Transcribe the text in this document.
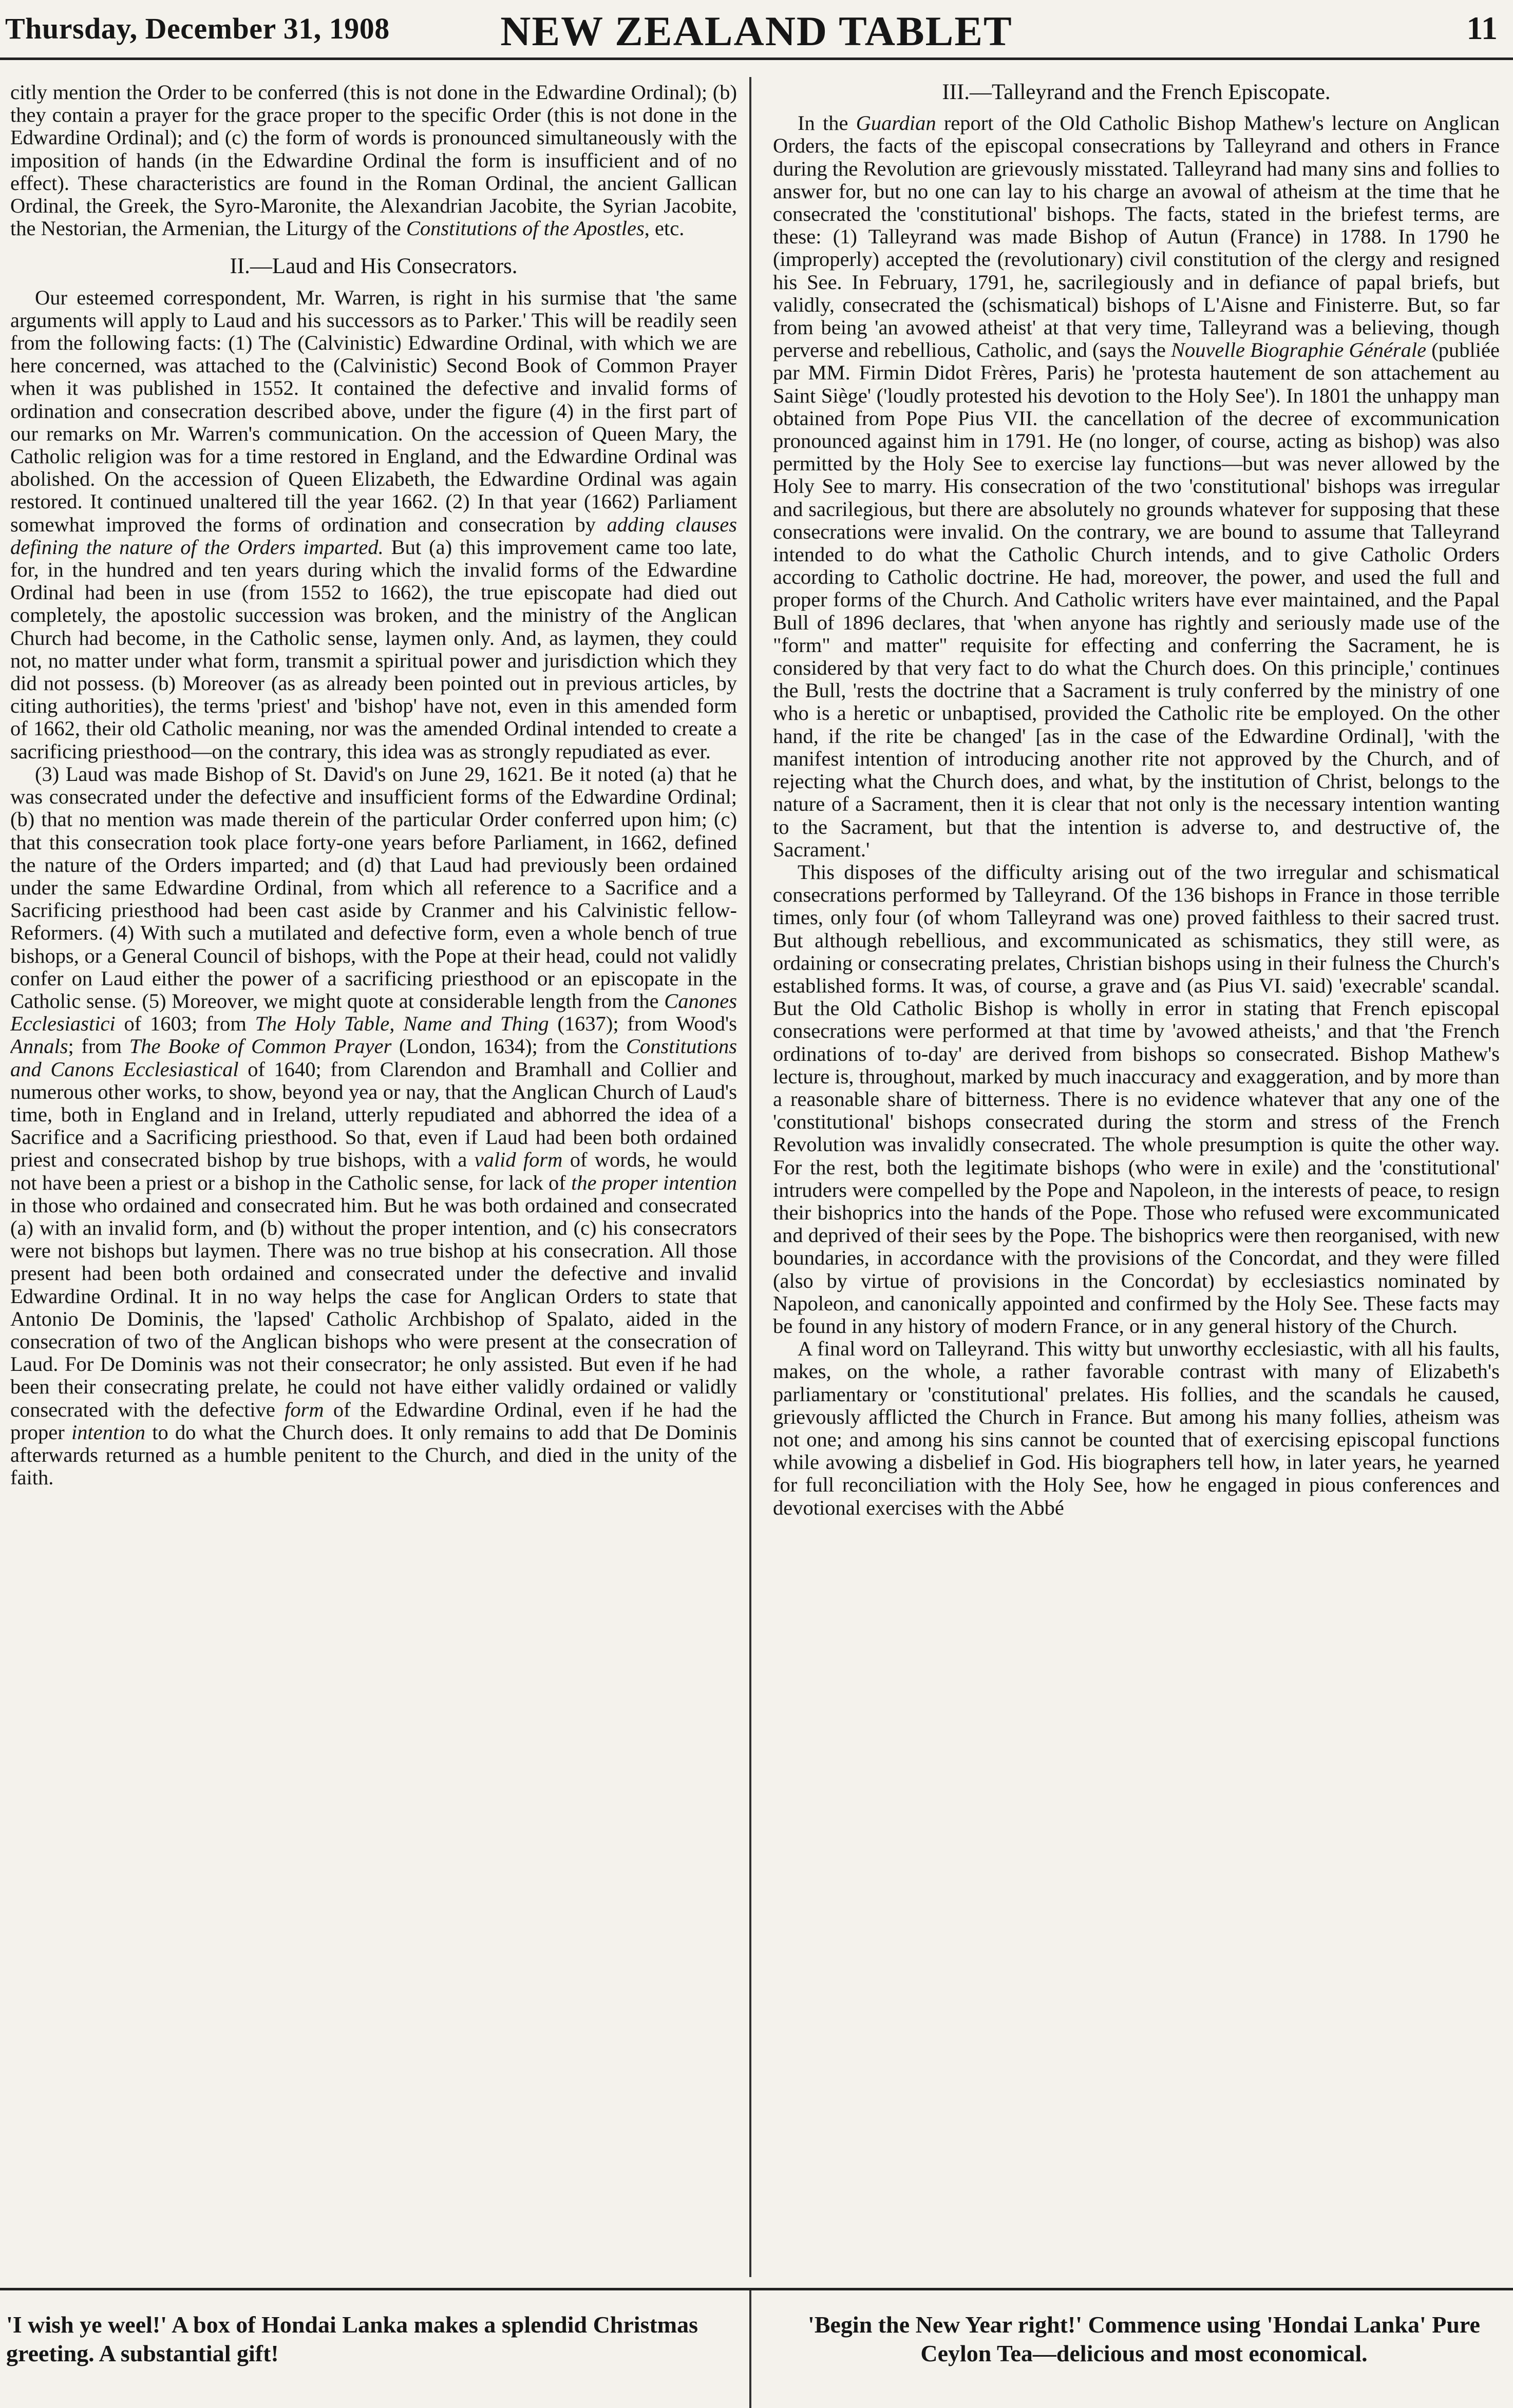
Thursday, December 31, 1908	NEW ZEALAND TABLET	11

citly mention the Order to be conferred (this is not done in the Edwardine Ordinal); (b) they contain a prayer for the grace proper to the specific Order (this is not done in the Edwardine Ordinal); and (c) the form of words is pronounced simultaneously with the imposition of hands (in the Edwardine Ordinal the form is insufficient and of no effect). These characteristics are found in the Roman Ordinal, the ancient Gallican Ordinal, the Greek, the Syro-Maronite, the Alexandrian Jacobite, the Syrian Jacobite, the Nestorian, the Armenian, the Liturgy of the Constitutions of the Apostles, etc.

II.—Laud and His Consecrators.

Our esteemed correspondent, Mr. Warren, is right in his surmise that 'the same arguments will apply to Laud and his successors as to Parker.' This will be readily seen from the following facts: (1) The (Calvinistic) Edwardine Ordinal, with which we are here concerned, was attached to the (Calvinistic) Second Book of Common Prayer when it was published in 1552. It contained the defective and invalid forms of ordination and consecration described above, under the figure (4) in the first part of our remarks on Mr. Warren's communication. On the accession of Queen Mary, the Catholic religion was for a time restored in England, and the Edwardine Ordinal was abolished. On the accession of Queen Elizabeth, the Edwardine Ordinal was again restored. It continued unaltered till the year 1662. (2) In that year (1662) Parliament somewhat improved the forms of ordination and consecration by adding clauses defining the nature of the Orders imparted. But (a) this improvement came too late, for, in the hundred and ten years during which the invalid forms of the Edwardine Ordinal had been in use (from 1552 to 1662), the true episcopate had died out completely, the apostolic succession was broken, and the ministry of the Anglican Church had become, in the Catholic sense, laymen only. And, as laymen, they could not, no matter under what form, transmit a spiritual power and jurisdiction which they did not possess. (b) Moreover (as as already been pointed out in previous articles, by citing authorities), the terms 'priest' and 'bishop' have not, even in this amended form of 1662, their old Catholic meaning, nor was the amended Ordinal intended to create a sacrificing priesthood—on the contrary, this idea was as strongly repudiated as ever.

(3) Laud was made Bishop of St. David's on June 29, 1621. Be it noted (a) that he was consecrated under the defective and insufficient forms of the Edwardine Ordinal; (b) that no mention was made therein of the particular Order conferred upon him; (c) that this consecration took place forty-one years before Parliament, in 1662, defined the nature of the Orders imparted; and (d) that Laud had previously been ordained under the same Edwardine Ordinal, from which all reference to a Sacrifice and a Sacrificing priesthood had been cast aside by Cranmer and his Calvinistic fellow-Reformers. (4) With such a mutilated and defective form, even a whole bench of true bishops, or a General Council of bishops, with the Pope at their head, could not validly confer on Laud either the power of a sacrificing priesthood or an episcopate in the Catholic sense. (5) Moreover, we might quote at considerable length from the Canones Ecclesiastici of 1603; from The Holy Table, Name and Thing (1637); from Wood's Annals; from The Booke of Common Prayer (London, 1634); from the Constitutions and Canons Ecclesiastical of 1640; from Clarendon and Bramhall and Collier and numerous other works, to show, beyond yea or nay, that the Anglican Church of Laud's time, both in England and in Ireland, utterly repudiated and abhorred the idea of a Sacrifice and a Sacrificing priesthood. So that, even if Laud had been both ordained priest and consecrated bishop by true bishops, with a valid form of words, he would not have been a priest or a bishop in the Catholic sense, for lack of the proper intention in those who ordained and consecrated him. But he was both ordained and consecrated (a) with an invalid form, and (b) without the proper intention, and (c) his consecrators were not bishops but laymen. There was no true bishop at his consecration. All those present had been both ordained and consecrated under the defective and invalid Edwardine Ordinal. It in no way helps the case for Anglican Orders to state that Antonio De Dominis, the 'lapsed' Catholic Archbishop of Spalato, aided in the consecration of two of the Anglican bishops who were present at the consecration of Laud. For De Dominis was not their consecrator; he only assisted. But even if he had been their consecrating prelate, he could not have either validly ordained or validly consecrated with the defective form of the Edwardine Ordinal, even if he had the proper intention to do what the Church does. It only remains to add that De Dominis afterwards returned as a humble penitent to the Church, and died in the unity of the faith.

III.—Talleyrand and the French Episcopate.

In the Guardian report of the Old Catholic Bishop Mathew's lecture on Anglican Orders, the facts of the episcopal consecrations by Talleyrand and others in France during the Revolution are grievously misstated. Talleyrand had many sins and follies to answer for, but no one can lay to his charge an avowal of atheism at the time that he consecrated the 'constitutional' bishops. The facts, stated in the briefest terms, are these: (1) Talleyrand was made Bishop of Autun (France) in 1788. In 1790 he (improperly) accepted the (revolutionary) civil constitution of the clergy and resigned his See. In February, 1791, he, sacrilegiously and in defiance of papal briefs, but validly, consecrated the (schismatical) bishops of L'Aisne and Finisterre. But, so far from being 'an avowed atheist' at that very time, Talleyrand was a believing, though perverse and rebellious, Catholic, and (says the Nouvelle Biographie Générale (publiée par MM. Firmin Didot Frères, Paris) he 'protesta hautement de son attachement au Saint Siège' ('loudly protested his devotion to the Holy See'). In 1801 the unhappy man obtained from Pope Pius VII. the cancellation of the decree of excommunication pronounced against him in 1791. He (no longer, of course, acting as bishop) was also permitted by the Holy See to exercise lay functions—but was never allowed by the Holy See to marry. His consecration of the two 'constitutional' bishops was irregular and sacrilegious, but there are absolutely no grounds whatever for supposing that these consecrations were invalid. On the contrary, we are bound to assume that Talleyrand intended to do what the Catholic Church intends, and to give Catholic Orders according to Catholic doctrine. He had, moreover, the power, and used the full and proper forms of the Church. And Catholic writers have ever maintained, and the Papal Bull of 1896 declares, that 'when anyone has rightly and seriously made use of the "form" and matter" requisite for effecting and conferring the Sacrament, he is considered by that very fact to do what the Church does. On this principle,' continues the Bull, 'rests the doctrine that a Sacrament is truly conferred by the ministry of one who is a heretic or unbaptised, provided the Catholic rite be employed. On the other hand, if the rite be changed' [as in the case of the Edwardine Ordinal], 'with the manifest intention of introducing another rite not approved by the Church, and of rejecting what the Church does, and what, by the institution of Christ, belongs to the nature of a Sacrament, then it is clear that not only is the necessary intention wanting to the Sacrament, but that the intention is adverse to, and destructive of, the Sacrament.'

This disposes of the difficulty arising out of the two irregular and schismatical consecrations performed by Talleyrand. Of the 136 bishops in France in those terrible times, only four (of whom Talleyrand was one) proved faithless to their sacred trust. But although rebellious, and excommunicated as schismatics, they still were, as ordaining or consecrating prelates, Christian bishops using in their fulness the Church's established forms. It was, of course, a grave and (as Pius VI. said) 'execrable' scandal. But the Old Catholic Bishop is wholly in error in stating that French episcopal consecrations were performed at that time by 'avowed atheists,' and that 'the French ordinations of to-day' are derived from bishops so consecrated. Bishop Mathew's lecture is, throughout, marked by much inaccuracy and exaggeration, and by more than a reasonable share of bitterness. There is no evidence whatever that any one of the 'constitutional' bishops consecrated during the storm and stress of the French Revolution was invalidly consecrated. The whole presumption is quite the other way. For the rest, both the legitimate bishops (who were in exile) and the 'constitutional' intruders were compelled by the Pope and Napoleon, in the interests of peace, to resign their bishoprics into the hands of the Pope. Those who refused were excommunicated and deprived of their sees by the Pope. The bishoprics were then reorganised, with new boundaries, in accordance with the provisions of the Concordat, and they were filled (also by virtue of provisions in the Concordat) by ecclesiastics nominated by Napoleon, and canonically appointed and confirmed by the Holy See. These facts may be found in any history of modern France, or in any general history of the Church.

A final word on Talleyrand. This witty but unworthy ecclesiastic, with all his faults, makes, on the whole, a rather favorable contrast with many of Elizabeth's parliamentary or 'constitutional' prelates. His follies, and the scandals he caused, grievously afflicted the Church in France. But among his many follies, atheism was not one; and among his sins cannot be counted that of exercising episcopal functions while avowing a disbelief in God. His biographers tell how, in later years, he yearned for full reconciliation with the Holy See, how he engaged in pious conferences and devotional exercises with the Abbé

'I wish ye weel!' A box of Hondai Lanka makes a splendid Christmas greeting. A substantial gift!
'Begin the New Year right!' Commence using 'Hondai Lanka' Pure Ceylon Tea—delicious and most economical.
